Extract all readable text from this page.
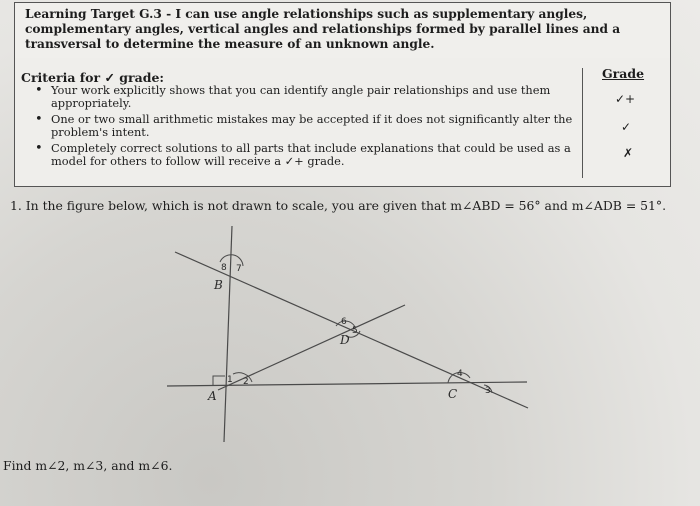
Learning Target G.3 - I can use angle relationships such as supplementary angles, complementary angles, vertical angles and relationships formed by parallel lines and a transversal to determine the measure of an unknown angle.
Criteria for ✓ grade:
• Your work explicitly shows that you can identify angle pair relationships and use them appropriately.
• One or two small arithmetic mistakes may be accepted if it does not significantly alter the problem's intent.
• Completely correct solutions to all parts that include explanations that could be used as a model for others to follow will receive a ✓+ grade.
Grade
✓+
✓
✗
1. In the figure below, which is not drawn to scale, you are given that m∠ABD = 56° and m∠ADB = 51°.
B
D
A	C
1 2
3
4
5
6
7
8
Find m∠2, m∠3, and m∠6.
